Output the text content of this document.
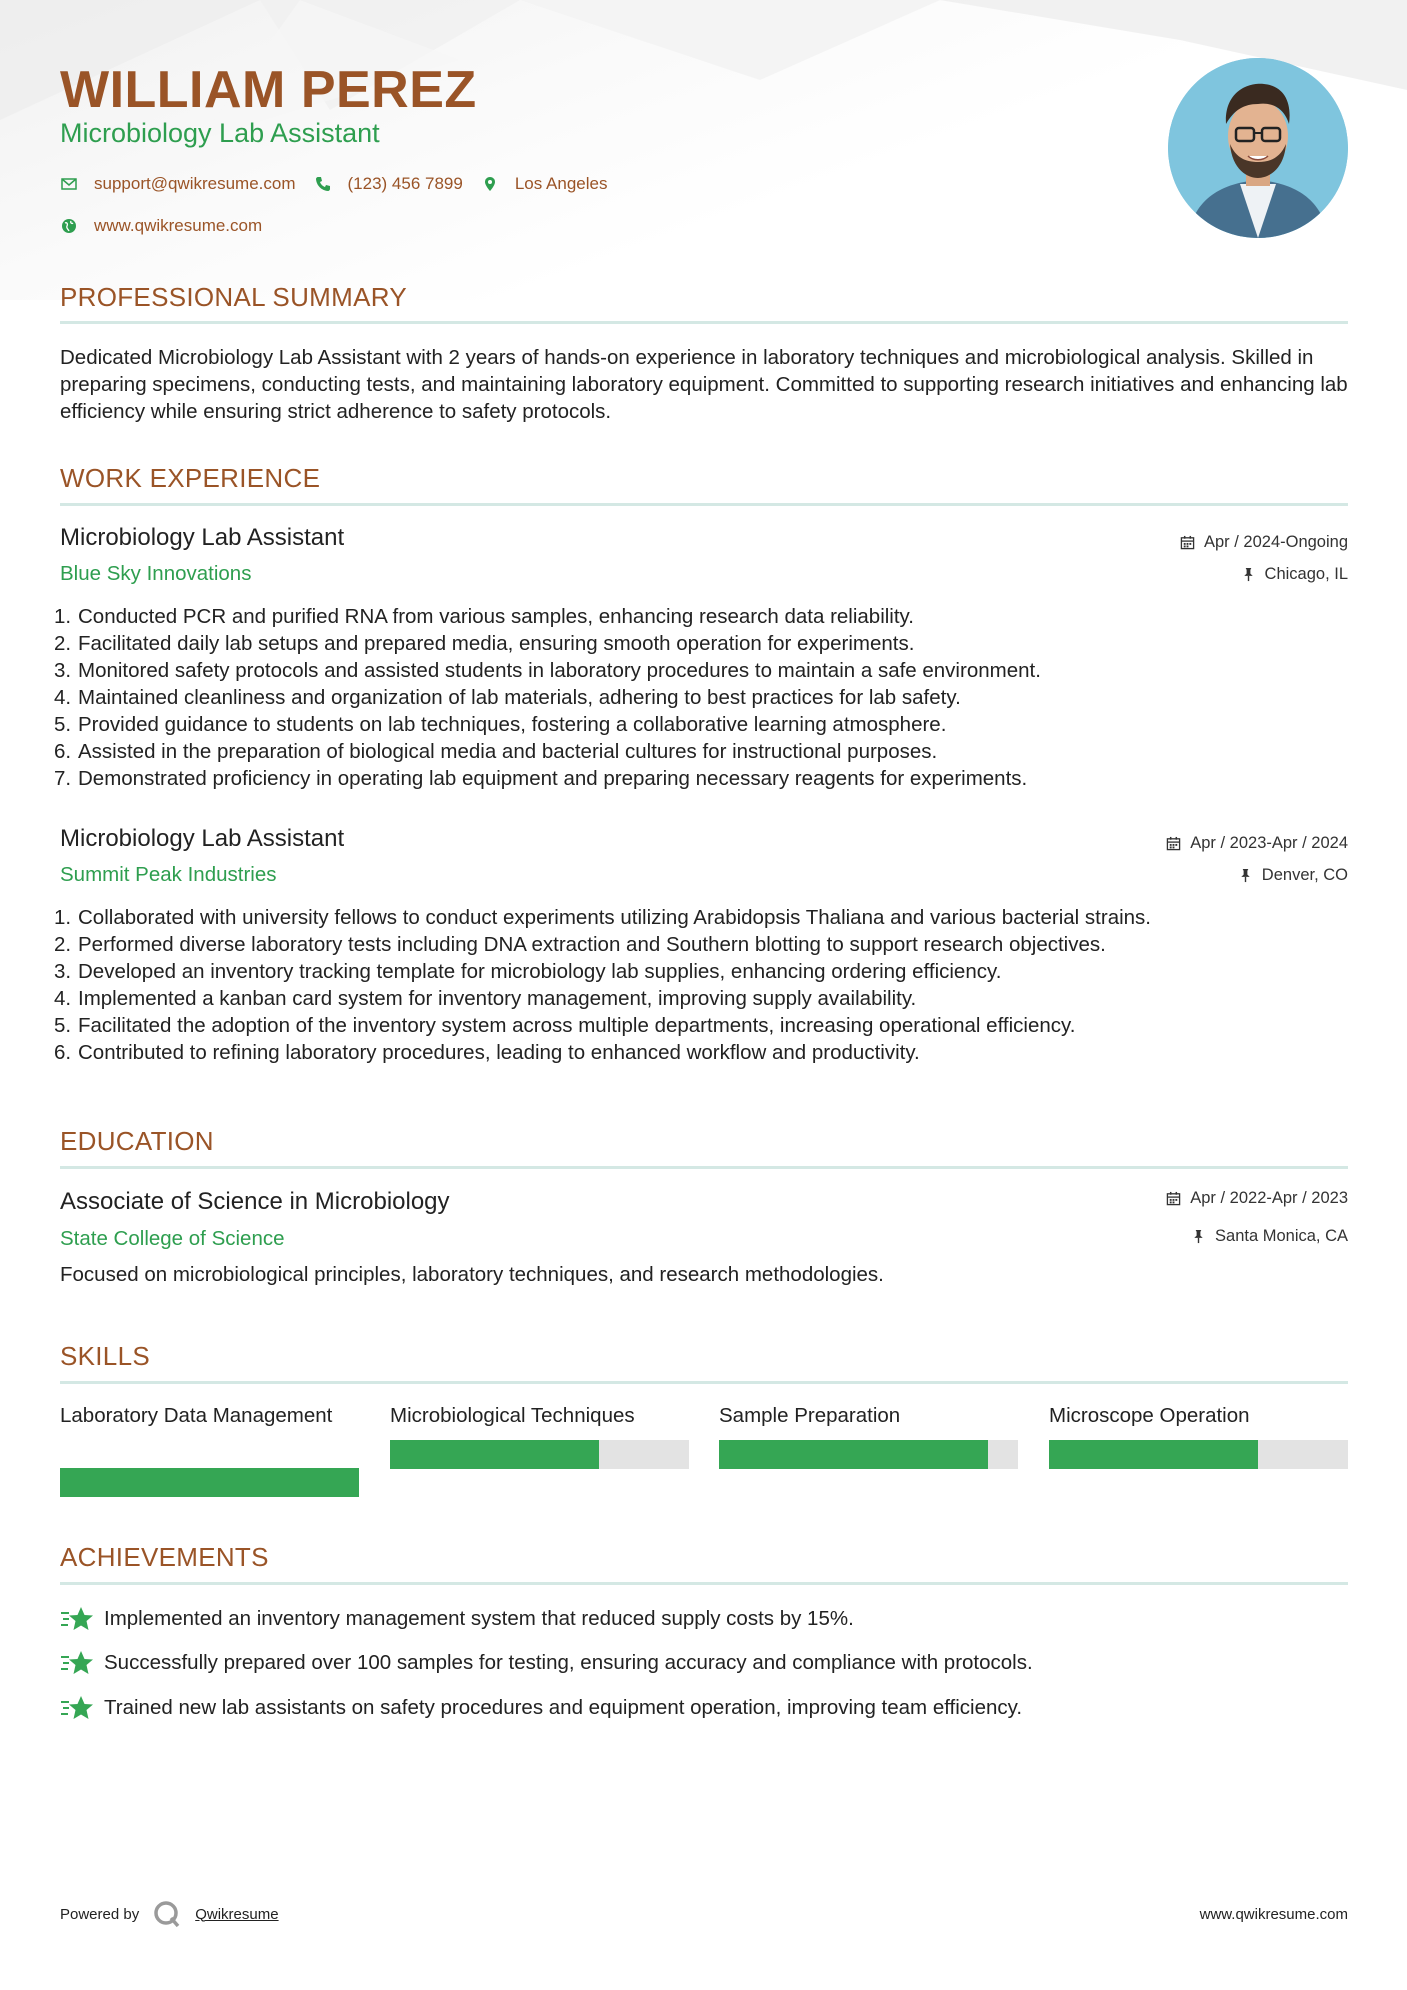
WILLIAM PEREZ
Microbiology Lab Assistant
support@qwikresume.com	(123) 456 7899	Los Angeles
www.qwikresume.com
PROFESSIONAL SUMMARY
Dedicated Microbiology Lab Assistant with 2 years of hands-on experience in laboratory techniques and microbiological analysis. Skilled in preparing specimens, conducting tests, and maintaining laboratory equipment. Committed to supporting research initiatives and enhancing lab efficiency while ensuring strict adherence to safety protocols.
WORK EXPERIENCE
Microbiology Lab Assistant	Apr / 2024-Ongoing
Blue Sky Innovations	Chicago, IL
1. Conducted PCR and purified RNA from various samples, enhancing research data reliability.
2. Facilitated daily lab setups and prepared media, ensuring smooth operation for experiments.
3. Monitored safety protocols and assisted students in laboratory procedures to maintain a safe environment.
4. Maintained cleanliness and organization of lab materials, adhering to best practices for lab safety.
5. Provided guidance to students on lab techniques, fostering a collaborative learning atmosphere.
6. Assisted in the preparation of biological media and bacterial cultures for instructional purposes.
7. Demonstrated proficiency in operating lab equipment and preparing necessary reagents for experiments.
Microbiology Lab Assistant	Apr / 2023-Apr / 2024
Summit Peak Industries	Denver, CO
1. Collaborated with university fellows to conduct experiments utilizing Arabidopsis Thaliana and various bacterial strains.
2. Performed diverse laboratory tests including DNA extraction and Southern blotting to support research objectives.
3. Developed an inventory tracking template for microbiology lab supplies, enhancing ordering efficiency.
4. Implemented a kanban card system for inventory management, improving supply availability.
5. Facilitated the adoption of the inventory system across multiple departments, increasing operational efficiency.
6. Contributed to refining laboratory procedures, leading to enhanced workflow and productivity.
EDUCATION
Associate of Science in Microbiology	Apr / 2022-Apr / 2023
State College of Science	Santa Monica, CA
Focused on microbiological principles, laboratory techniques, and research methodologies.
SKILLS
Laboratory Data Management	Microbiological Techniques	Sample Preparation	Microscope Operation
ACHIEVEMENTS
Implemented an inventory management system that reduced supply costs by 15%.
Successfully prepared over 100 samples for testing, ensuring accuracy and compliance with protocols.
Trained new lab assistants on safety procedures and equipment operation, improving team efficiency.
Powered by	Qwikresume	www.qwikresume.com
